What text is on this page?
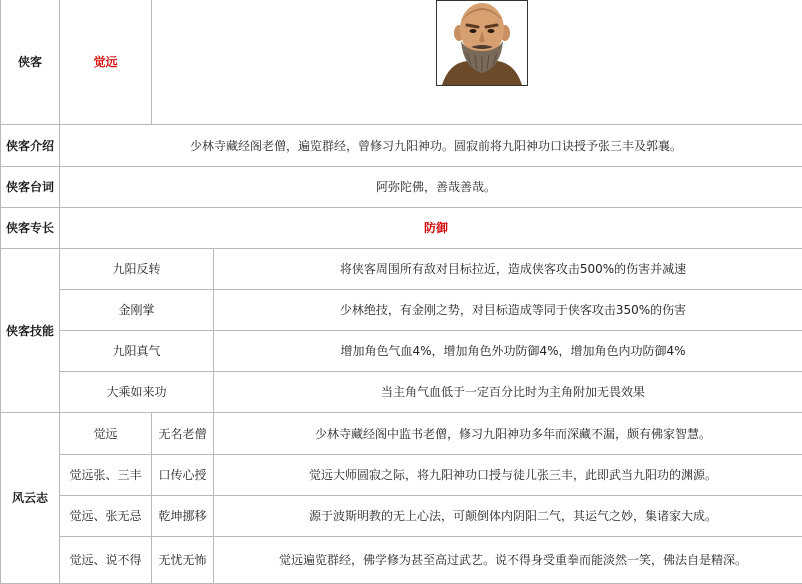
侠客	觉远	

侠客介绍	少林寺藏经阁老僧，遍览群经，曾修习九阳神功。圆寂前将九阳神功口诀授予张三丰及郭襄。		
侠客台词	阿弥陀佛，善哉善哉。		
侠客专长	防御		
侠客技能	九阳反转		将侠客周围所有敌对目标拉近，造成侠客攻击500%的伤害并减速
	金刚掌		少林绝技，有金刚之势，对目标造成等同于侠客攻击350%的伤害
	九阳真气		增加角色气血4%，增加角色外功防御4%，增加角色内功防御4%
	大乘如来功		当主角气血低于一定百分比时为主角附加无畏效果
风云志	觉远	无名老僧	少林寺藏经阁中监书老僧，修习九阳神功多年而深藏不漏，颇有佛家智慧。
	觉远张、三丰	口传心授	觉远大师圆寂之际，将九阳神功口授与徒儿张三丰，此即武当九阳功的渊源。
	觉远、张无忌	乾坤挪移	源于波斯明教的无上心法，可颠倒体内阴阳二气，其运气之妙，集诸家大成。
	觉远、说不得	无忧无怖	觉远遍览群经，佛学修为甚至高过武艺。说不得身受重拳而能淡然一笑，佛法自是精深。
